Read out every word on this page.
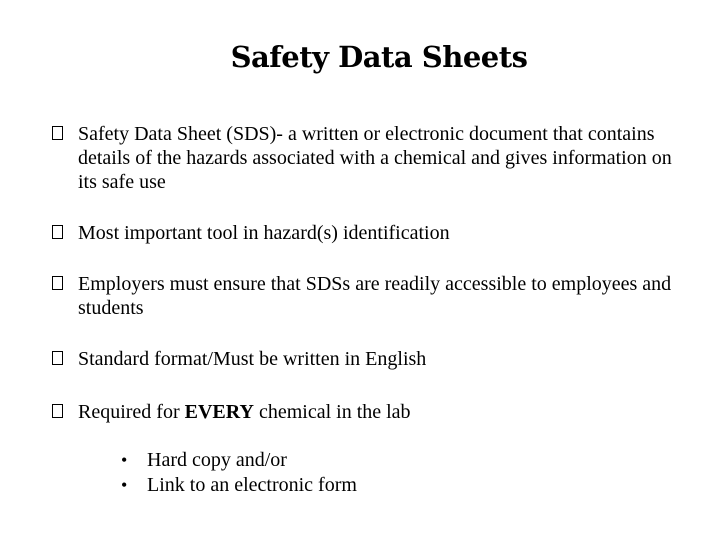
Safety Data Sheets
Safety Data Sheet (SDS)- a written or electronic document that contains details of the hazards associated with a chemical and gives information on its safe use
Most important tool in hazard(s) identification
Employers must ensure that SDSs are readily accessible to employees and students
Standard format/Must be written in English
Required for EVERY chemical in the lab
• Hard copy and/or
• Link to an electronic form
